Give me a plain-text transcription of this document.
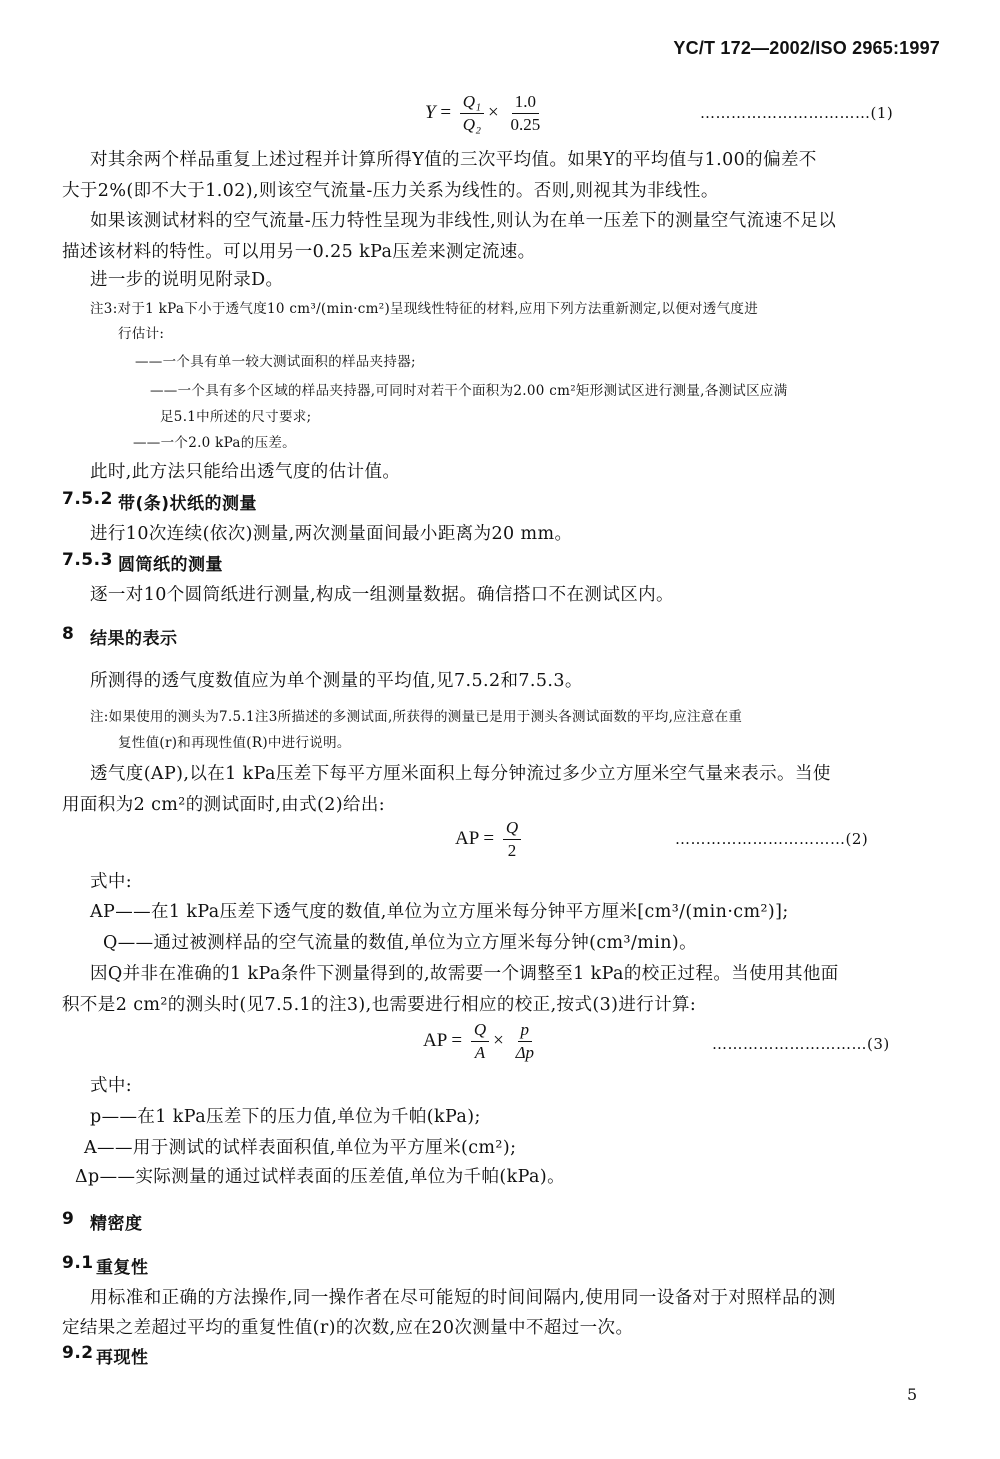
YC/T 172—2002/ISO 2965:1997
$Y = \frac{\text{Q₁}}{\text{Q₂}} \times \frac{1.0}{0.25}$	……………………………(1)
对其余两个样品重复上述过程并计算所得Y值的三次平均值。如果Y的平均值与1.00的偏差不
大于2%(即不大于1.02),则该空气流量-压力关系为线性的。否则,则视其为非线性。
如果该测试材料的空气流量-压力特性呈现为非线性,则认为在单一压差下的测量空气流速不足以
描述该材料的特性。可以用另一0.25 kPa压差来测定流速。
进一步的说明见附录D。
注3:对于1 kPa下小于透气度10 cm³/(min·cm²)呈现线性特征的材料,应用下列方法重新测定,以便对透气度进
行估计:
——一个具有单一较大测试面积的样品夹持器;
——一个具有多个区域的样品夹持器,可同时对若干个面积为2.00 cm²矩形测试区进行测量,各测试区应满
足5.1中所述的尺寸要求;
——一个2.0 kPa的压差。
此时,此方法只能给出透气度的估计值。
7.5.2 带(条)状纸的测量
进行10次连续(依次)测量,两次测量面间最小距离为20 mm。
7.5.3 圆筒纸的测量
逐一对10个圆筒纸进行测量,构成一组测量数据。确信搭口不在测试区内。
8 结果的表示
所测得的透气度数值应为单个测量的平均值,见7.5.2和7.5.3。
注:如果使用的测头为7.5.1注3所描述的多测试面,所获得的测量已是用于测头各测试面数的平均,应注意在重
复性值(r)和再现性值(R)中进行说明。
透气度(AP),以在1 kPa压差下每平方厘米面积上每分钟流过多少立方厘米空气量来表示。当使
用面积为2 cm²的测试面时,由式(2)给出:
AP = $\frac{Q}{2}$	……………………………(2)
式中:
AP——在1 kPa压差下透气度的数值,单位为立方厘米每分钟平方厘米[cm³/(min·cm²)];
Q——通过被测样品的空气流量的数值,单位为立方厘米每分钟(cm³/min)。
因Q并非在准确的1 kPa条件下测量得到的,故需要一个调整至1 kPa的校正过程。当使用其他面
积不是2 cm²的测头时(见7.5.1的注3),也需要进行相应的校正,按式(3)进行计算:
AP = $\frac{Q}{A} \times \frac{p}{\Delta p}$	…………………………(3)
式中:
p——在1 kPa压差下的压力值,单位为千帕(kPa);
A——用于测试的试样表面积值,单位为平方厘米(cm²);
Δp——实际测量的通过试样表面的压差值,单位为千帕(kPa)。
9 精密度
9.1 重复性
用标准和正确的方法操作,同一操作者在尽可能短的时间间隔内,使用同一设备对于对照样品的测
定结果之差超过平均的重复性值(r)的次数,应在20次测量中不超过一次。
9.2 再现性
5
